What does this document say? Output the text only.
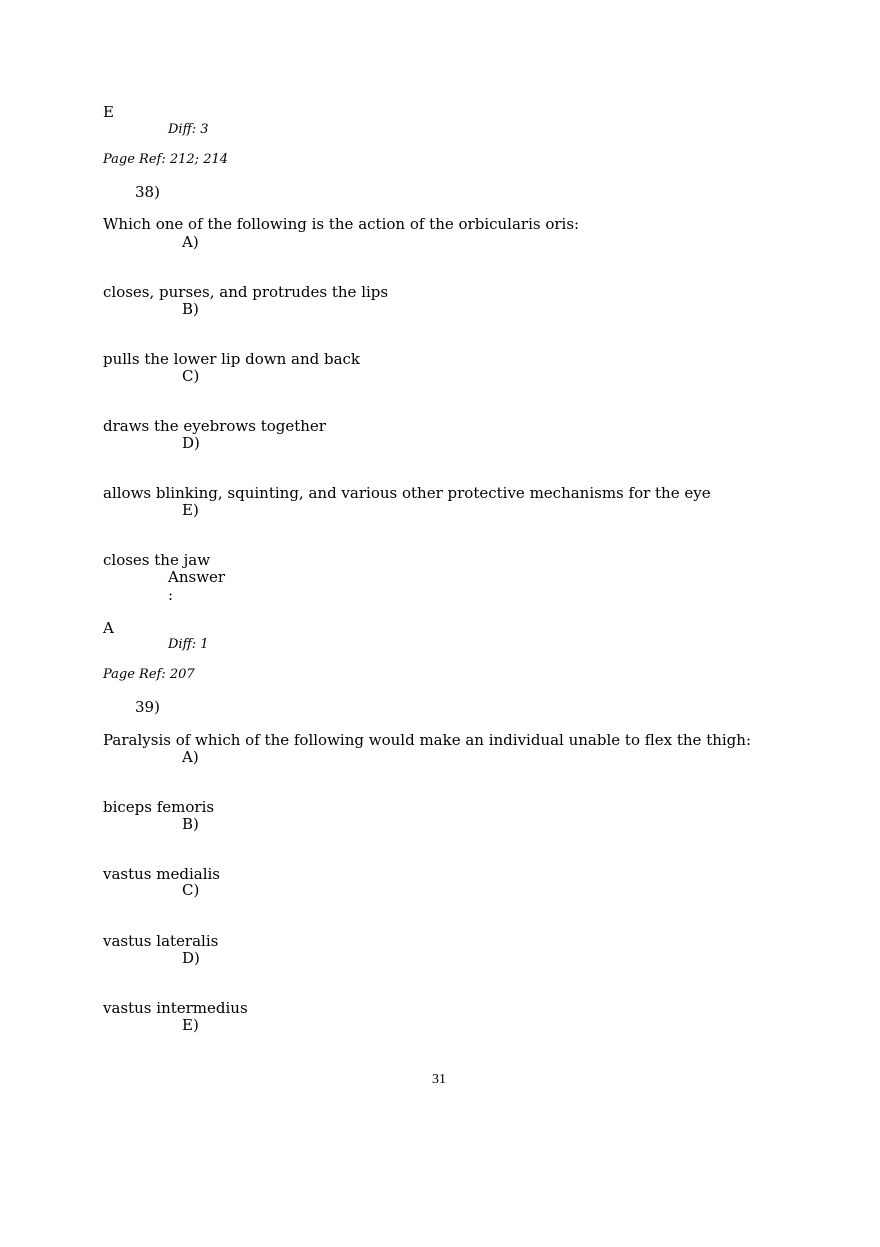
E
Diff: 3
Page Ref: 212; 214
38)
Which one of the following is the action of the orbicularis oris:
A)
closes, purses, and protrudes the lips
B)
pulls the lower lip down and back
C)
draws the eyebrows together
D)
allows blinking, squinting, and various other protective mechanisms for the eye
E)
closes the jaw
Answer
:
A
Diff: 1
Page Ref: 207
39)
Paralysis of which of the following would make an individual unable to flex the thigh:
A)
biceps femoris
B)
vastus medialis
C)
vastus lateralis
D)
vastus intermedius
E)
31
